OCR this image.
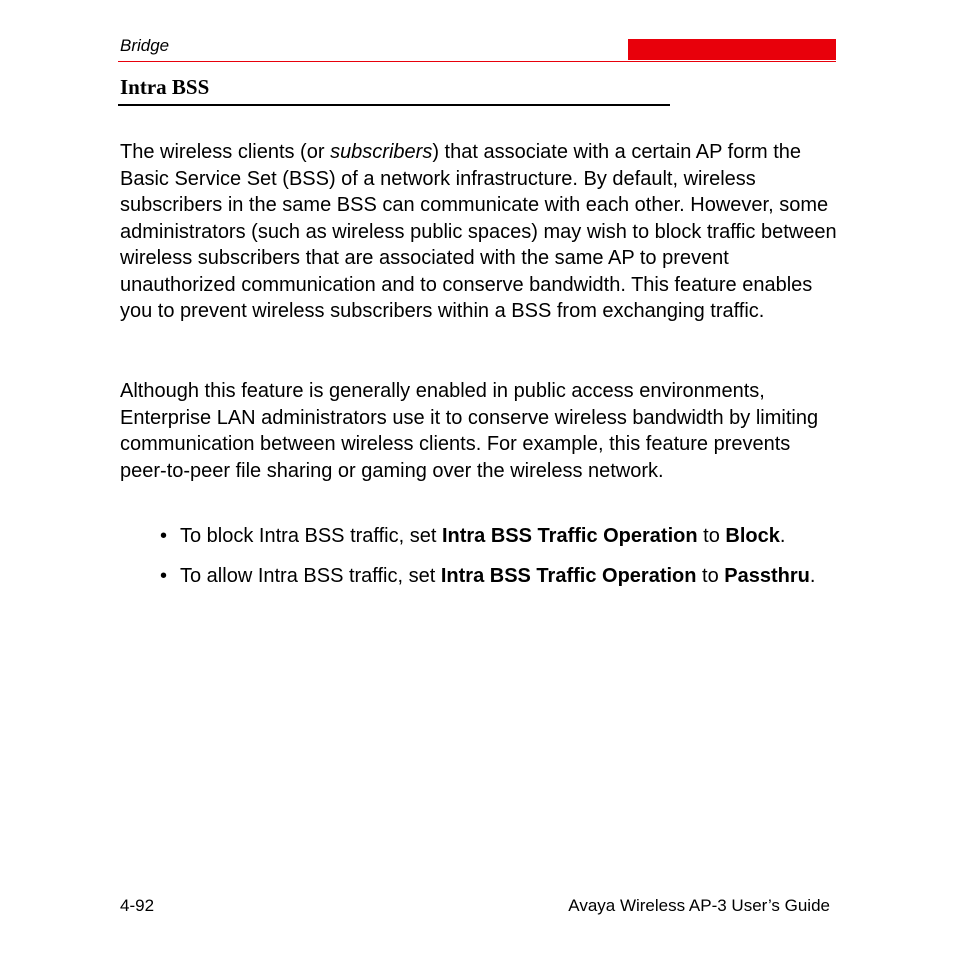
Bridge
Intra BSS

The wireless clients (or subscribers) that associate with a certain AP form the Basic Service Set (BSS) of a network infrastructure. By default, wireless subscribers in the same BSS can communicate with each other. However, some administrators (such as wireless public spaces) may wish to block traffic between wireless subscribers that are associated with the same AP to prevent unauthorized communication and to conserve bandwidth. This feature enables you to prevent wireless subscribers within a BSS from exchanging traffic.

Although this feature is generally enabled in public access environments, Enterprise LAN administrators use it to conserve wireless bandwidth by limiting communication between wireless clients. For example, this feature prevents peer-to-peer file sharing or gaming over the wireless network.

• To block Intra BSS traffic, set Intra BSS Traffic Operation to Block.
• To allow Intra BSS traffic, set Intra BSS Traffic Operation to Passthru.
4-92	Avaya Wireless AP-3 User’s Guide
